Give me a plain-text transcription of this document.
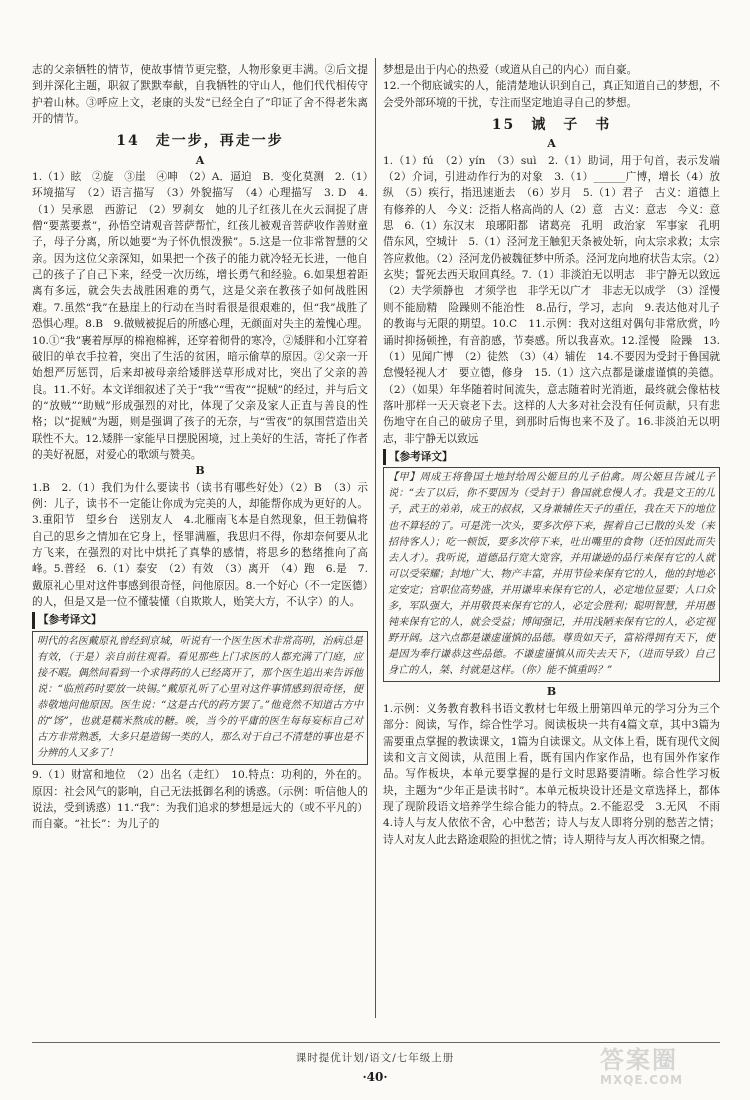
志的父亲牺牲的情节，使故事情节更完整，人物形象更丰满。②后文提到并深化主题，职叙了默默奉献，自我牺牲的守山人，他们代代相传守护着山林。③呼应上文，老康的头发“已经全白了”印证了舍不得老朱离开的情节。

14　走一步，再走一步
A

1.（1）眩　②旋　③崖　④呻　（2）A．逼迫　B．变化莫测　2.（1）环境描写　（2）语言描写　（3）外貌描写　（4）心理描写　3. D　4.（1）吴承恩　西游记　（2）罗刹女　她的儿子红孩儿在火云洞捉了唐僧“要蒸要煮”，孙悟空请观音菩萨帮忙，红孩儿被观音菩萨收作善财童子，母子分离，所以她要“为子怀仇恨泼猴”。5.这是一位非常智慧的父亲。因为这位父亲深知，如果把一个孩子的能力就冷轻无长进，一他自己的孩子了自己下来，经受一次历练，增长勇气和经验。6.如果想着距离有多远，就会失去战胜困难的勇气，这是父亲在教孩子如何战胜困难。7.虽然“我”在悬崖上的行动在当时看很是很艰难的，但“我”战胜了恐惧心理。8.B　9.做贼被捉后的所感心理，无颜面对失主的羞愧心理。10.①“我”裹着厚厚的棉袍棉裤，还穿着彻骨的寒冷，②矮胖和小江穿着破旧的单衣手拉着，突出了生活的贫困，暗示偷草的原因。②父亲一开始想严厉惩罚，后来却被母亲给矮胖送草形成对比，突出了父亲的善良。11.不好。本文详细叙述了关于“我”“雪夜”“捉贼”的经过，并与后文的“放贼”“助贼”形成强烈的对比，体现了父亲及家人正直与善良的性格；以“捉贼”为题，则是强调了孩子的无奈，与“雪夜”的氛围营造出关联性不大。12.矮胖一家能早日摆脱困境，过上美好的生活，寄托了作者的美好祝愿，对爱心的歌颂与赞美。

B

1.B　2.（1）我们为什么要读书（读书有哪些好处）（2）B　（3）示例：儿子，读书不一定能让你成为完美的人，却能帮你成为更好的人。3.重阳节　望乡台　送别友人　4.北雁南飞本是自然现象，但王勃偏将自己的思乡之情加在它身上，怪罪满雁，我思归不得，你却奈何要从北方飞来，在强烈的对比中烘托了真挚的感情，将思乡的愁绪推向了高峰。5.普经　6.（1）泰安　（2）有效　（3）离开　（4）跑　6.是　7.戴原礼心里对这件事感到很奇怪，问他原因。8.一个好心（不一定医德）的人，但是又是一位不懂装懂（自欺欺人，贻笑大方，不认字）的人。

【参考译文】
明代的名医戴原礼曾经到京城，听说有一个医生医术非常高明，治病总是有效，（于是）亲自前往观看。看见那些上门求医的人都充满了门庭，应接不暇。偶然间看到一个求得药的人已经离开了，那个医生追出来告诉他说：“临煎药时要放一块锡。”戴原礼听了心里对这件事情感到很奇怪，便恭敬地问他原因。医生说：“这是古代的药方罢了。”他竟然不知道古方中的“饧”，也就是糯米熬成的糖。唉，当今的平庸的医生每每妄标自己对古方非常熟悉，大多只是造锡一类的人，那么对于自己不清楚的事也是不分辨的人又多了！

9.（1）财富和地位　（2）出名（走红）　10.特点：功利的，外在的。原因：社会风气的影响，自己无法抵御名利的诱惑。（示例：听信他人的说法，受到诱惑）11.“我”：为我们追求的梦想是远大的（或不平凡的）而自豪。“社长”：为儿子的

梦想是出于内心的热爱（或道从自己的内心）而自豪。

12.一个彻底诚实的人，能清楚地认识到自己，真正知道自己的梦想，不会受外部环境的干扰，专注而坚定地追寻自己的梦想。

15　诫　子　书
A

1.（1）fú　（2）yín　（3）suì　2.（1）助词，用于句首，表示发端（2）介词，引进动作行为的对象　3.（1）______广博，增长（4）放纵　（5）疾行，指迅速逝去　（6）岁月　5.（1）君子　古义：道德上有修养的人　今义：泛指人格高尚的人（2）意　古义：意志　今义：意思　6.（1）东汉末　琅琊阳都　诸葛亮　孔明　政治家　军事家　孔明借东风，空城计　5.（1）泾河龙王触犯天条被处斩，向太宗求救；太宗答应救他。（2）泾河龙仍被魏征梦中所杀。泾河龙向地府状告太宗。（2）玄奘；誓死去西天取回真经。7.（1）非淡泊无以明志　非宁静无以致远　（2）夫学须静也　才须学也　非学无以广才　非志无以成学　（3）淫慢则不能励精　险躁则不能治性　8.品行，学习，志向　9.表达他对儿子的教诲与无限的期望。10.C　11.示例：我对这组对偶句非常欣赏，吟诵时抑扬顿挫，有音韵感，节奏感。所以我喜欢。12.淫慢　险躁　13.（1）见闻广博　（2）徒然　（3）（4）辅佐　14.不要因为受封于鲁国就怠慢轻视人才　要立德，修身　15.（1）这六点都是谦虚谨慎的美德。（2）（如果）年华随着时间流失，意志随着时光消逝，最终就会像枯枝落叶那样一天天衰老下去。这样的人大多对社会没有任何贡献，只有悲伤地守在自己的破房子里，到那时后悔也来不及了。16.非淡泊无以明志，非宁静无以致远

【参考译文】
【甲】周成王将鲁国土地封给周公姬旦的儿子伯禽。周公姬旦告诫儿子说：“去了以后，你不要因为（受封于）鲁国就怠慢人才。我是文王的儿子，武王的弟弟，成王的叔叔，又身兼辅佐天子的重任，我在天下的地位也不算轻的了。可是洗一次头，要多次停下来，握着自己已散的头发（来招待客人）；吃一顿饭，要多次停下来，吐出嘴里的食物（还怕因此而失去人才）。我听说，道德品行宽大宽容，并用谦逊的品行来保有它的人就可以受荣耀；封地广大、物产丰富，并用节俭来保有它的人，他的封地必定安定；官职位高势盛，并用谦卑来保有它的人，必定地位显要；人口众多，军队强大，并用敬畏来保有它的人，必定会胜利；聪明智慧，并用愚钝来保有它的人，就会受益；博闻强记，并用浅陋来保有它的人，必定视野开阔。这六点都是谦虚谨慎的品德。尊贵如天子，富裕得拥有天下，使是因为奉行谦恭这些品德。不谦虚谨慎从而失去天下，（进而导致）自己身亡的人，桀、纣就是这样。（你）能不慎重吗？”
B

1.示例：义务教育教科书语文教材七年级上册第四单元的学习分为三个部分：阅读，写作，综合性学习。阅读板块一共有4篇文章，其中3篇为需要重点掌握的教读课文，1篇为自读课文。从文体上看，既有现代文阅读和文言文阅读，从范围上看，既有国内作家作品，也有国外作家作品。写作板块，本单元要掌握的是行文时思路要清晰。综合性学习板块，主题为“少年正是读书时”。本单元板块设计还是文章选择上，都体现了现阶段语文培养学生综合能力的特点。2.不能忍受　3.无风　不雨　4.诗人与友人依依不舍，心中愁苦；诗人与友人即将分别的愁苦之情；诗人对友人此去路途艰险的担忧之情；诗人期待与友人再次相聚之情。

课时提优计划/语文/七年级上册
·40·
答案圈
MXQE.COM
